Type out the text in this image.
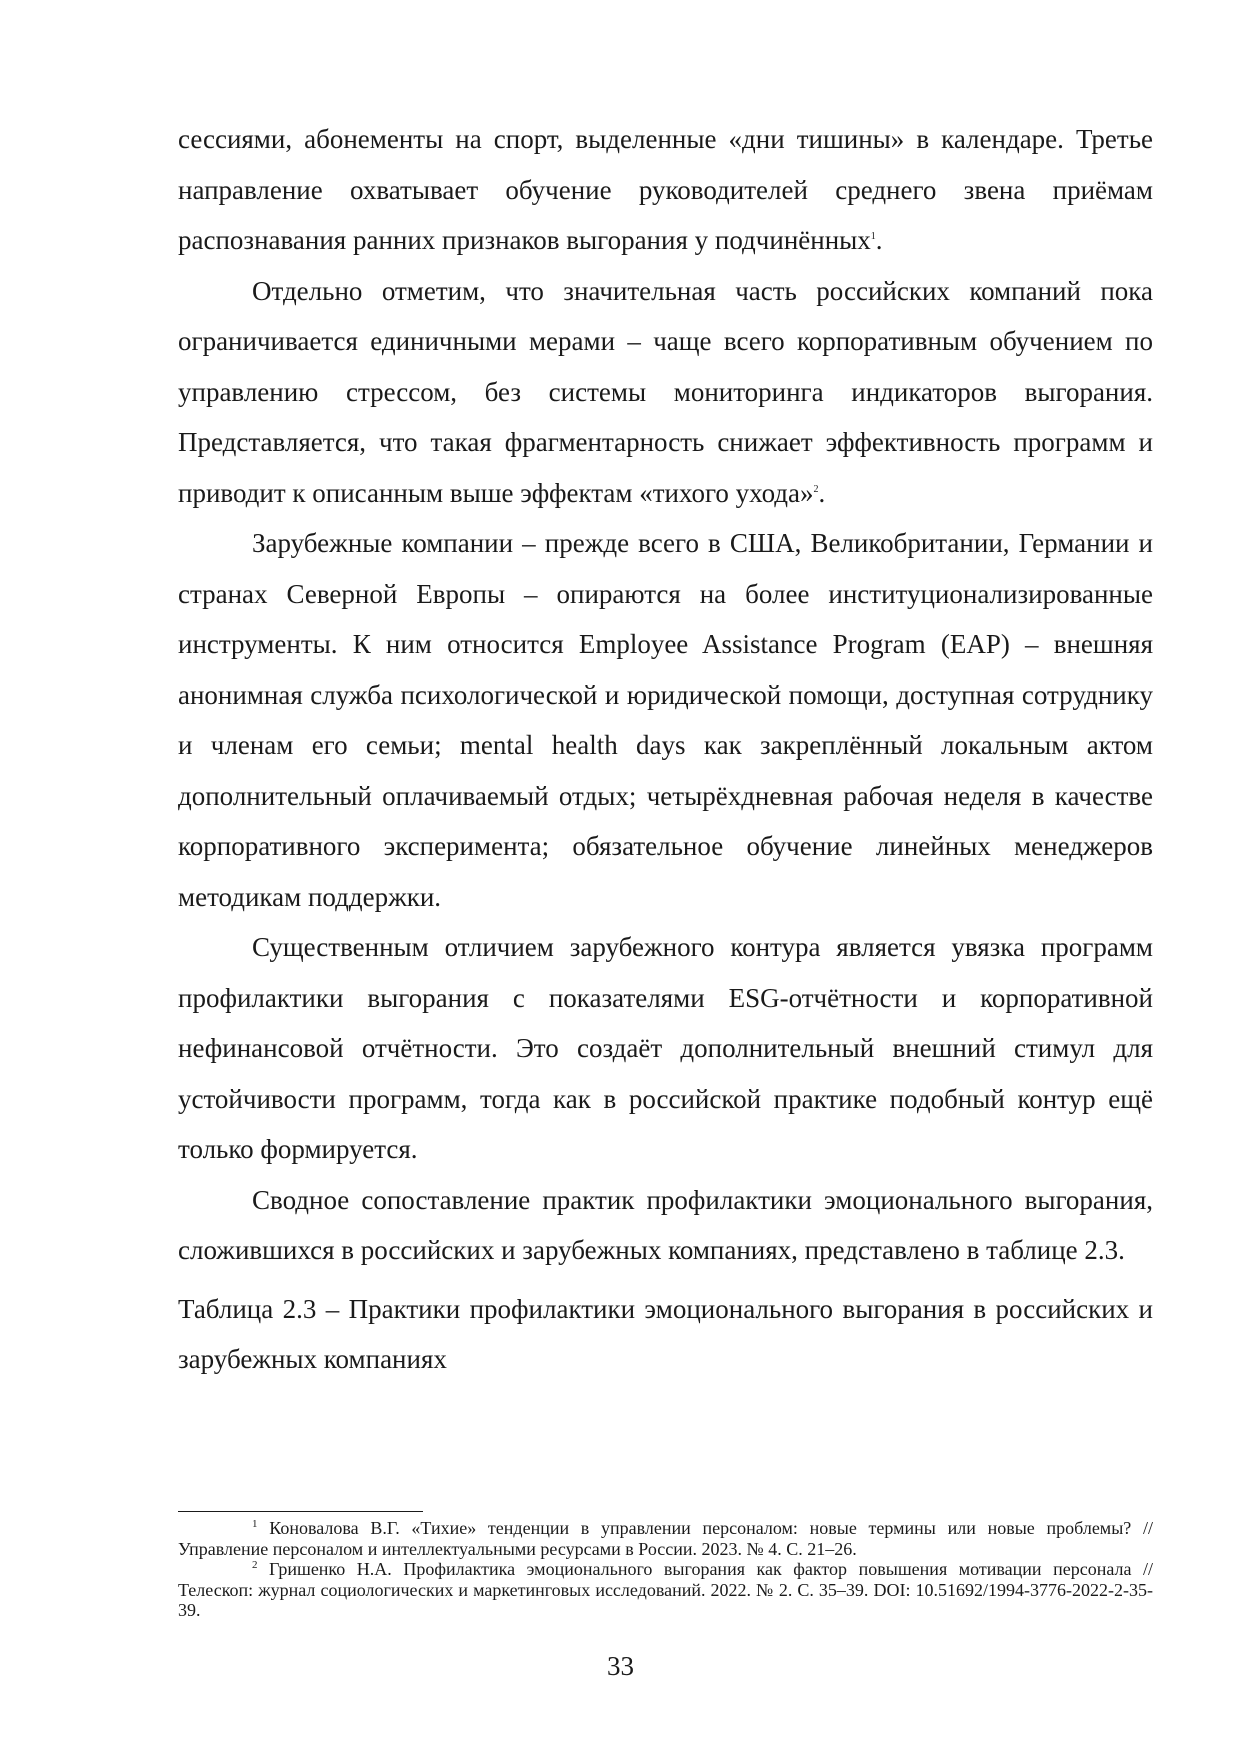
сессиями, абонементы на спорт, выделенные «дни тишины» в календаре. Третье направление охватывает обучение руководителей среднего звена приёмам распознавания ранних признаков выгорания у подчинённых$^1$.

Отдельно отметим, что значительная часть российских компаний пока ограничивается единичными мерами – чаще всего корпоративным обучением по управлению стрессом, без системы мониторинга индикаторов выгорания. Представляется, что такая фрагментарность снижает эффективность программ и приводит к описанным выше эффектам «тихого ухода»$^2$.

Зарубежные компании – прежде всего в США, Великобритании, Германии и странах Северной Европы – опираются на более институционализированные инструменты. К ним относится Employee Assistance Program (EAP) – внешняя анонимная служба психологической и юридической помощи, доступная сотруднику и членам его семьи; mental health days как закреплённый локальным актом дополнительный оплачиваемый отдых; четырёхдневная рабочая неделя в качестве корпоративного эксперимента; обязательное обучение линейных менеджеров методикам поддержки.

Существенным отличием зарубежного контура является увязка программ профилактики выгорания с показателями ESG-отчётности и корпоративной нефинансовой отчётности. Это создаёт дополнительный внешний стимул для устойчивости программ, тогда как в российской практике подобный контур ещё только формируется.

Сводное сопоставление практик профилактики эмоционального выгорания, сложившихся в российских и зарубежных компаниях, представлено в таблице 2.3.

Таблица 2.3 – Практики профилактики эмоционального выгорания в российских и зарубежных компаниях

$^1$ Коновалова В.Г. «Тихие» тенденции в управлении персоналом: новые термины или новые проблемы? // Управление персоналом и интеллектуальными ресурсами в России. 2023. № 4. С. 21–26.

$^2$ Гришенко Н.А. Профилактика эмоционального выгорания как фактор повышения мотивации персонала // Телескоп: журнал социологических и маркетинговых исследований. 2022. № 2. С. 35–39. DOI: 10.51692/1994-3776-2022-2-35-39.

33
